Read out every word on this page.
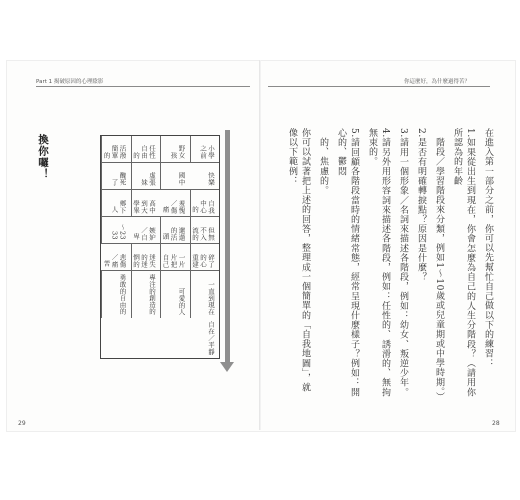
Part 1 揭破原因的心理陰影
29
換你囉！	小學之前
野女孩
任性自由的
活潑簡單的
快樂
國中
虛張妹
醜死了
自我中心的
羞愧／傷痛
高中到大學畢
鄉下人
但無不入流的
邋遢的活頭
嫉妒／自卑
23～33
碎了的心重建
一片片把自己
迷失的迷惘的
悲傷／痛苦
一直到現在
可愛的人
專注的創造的
勇敢的自由的
自在／平靜
你這麼好，為什麼過得苦？
28
在進入第一部分之前，你可以先幫忙自己做以下的練習：
1.如果從出生到現在，你會怎麼為自己的人生分階段？（請用你所認為的年齡
　階段／學習階段來分類，例如1～10歲或兒童期或中學時期。）
2.是否有明確轉捩點？原因是什麼？
3.請用一個形象／名詞來描述各階段，例如：幼女、叛逆少年。
4.請另外用形容詞來描述各階段，例如：任性的、誘滑的、無拘無束的。
5.請回顧各階段當時的情緒常態，經常呈現什麼樣子？例如：開心的、鬱悶
　的、焦慮的。
你可以試著把上述的回答，整理成一個簡單的「自我地圖」，就像以下範例：
